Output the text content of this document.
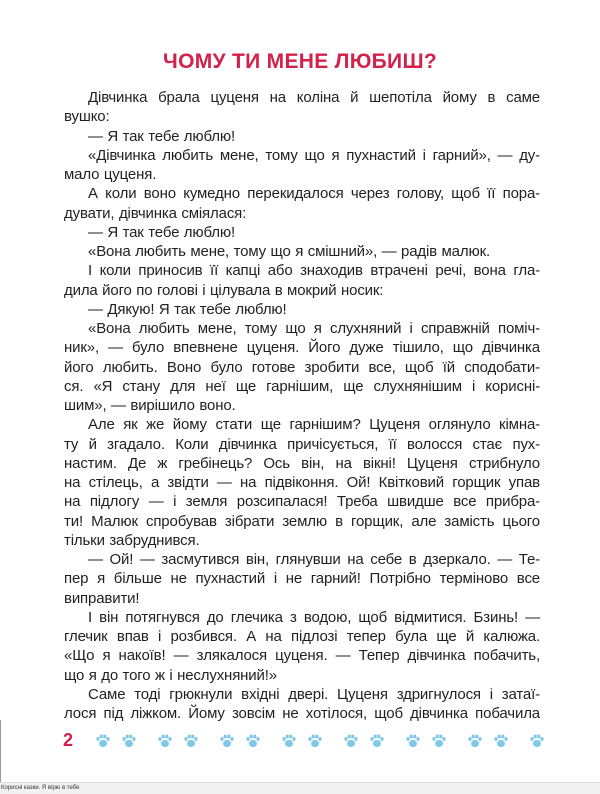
ЧОМУ ТИ МЕНЕ ЛЮБИШ?
Дівчинка брала цуценя на коліна й шепотіла йому в саме
вушко:
— Я так тебе люблю!
«Дівчинка любить мене, тому що я пухнастий і гарний», — ду-
мало цуценя.
А коли воно кумедно перекидалося через голову, щоб її пора-
дувати, дівчинка сміялася:
— Я так тебе люблю!
«Вона любить мене, тому що я смішний», — радів малюк.
І коли приносив її капці або знаходив втрачені речі, вона гла-
дила його по голові і цілувала в мокрий носик:
— Дякую! Я так тебе люблю!
«Вона любить мене, тому що я слухняний і справжній поміч-
ник», — було впевнене цуценя. Його дуже тішило, що дівчинка
його любить. Воно було готове зробити все, щоб їй сподобати-
ся. «Я стану для неї ще гарнішим, ще слухнянішим і корисні-
шим», — вирішило воно.
Але як же йому стати ще гарнішим? Цуценя оглянуло кімна-
ту й згадало. Коли дівчинка причісується, її волосся стає пух-
настим. Де ж гребінець? Ось він, на вікні! Цуценя стрибнуло
на стілець, а звідти — на підвіконня. Ой! Квітковий горщик упав
на підлогу — і земля розсипалася! Треба швидше все прибра-
ти! Малюк спробував зібрати землю в горщик, але замість цього
тільки забруднився.
— Ой! — засмутився він, глянувши на себе в дзеркало. — Те-
пер я більше не пухнастий і не гарний! Потрібно терміново все
виправити!
І він потягнувся до глечика з водою, щоб відмитися. Бзинь! —
глечик впав і розбився. А на підлозі тепер була ще й калюжа.
«Що я накоїв! — злякалося цуценя. — Тепер дівчинка побачить,
що я до того ж і неслухняний!»
Саме тоді грюкнули вхідні двері. Цуценя здригнулося і затаї-
лося під ліжком. Йому зовсім не хотілося, щоб дівчинка побачила
2
Корисні казки. Я вірю в тебе
